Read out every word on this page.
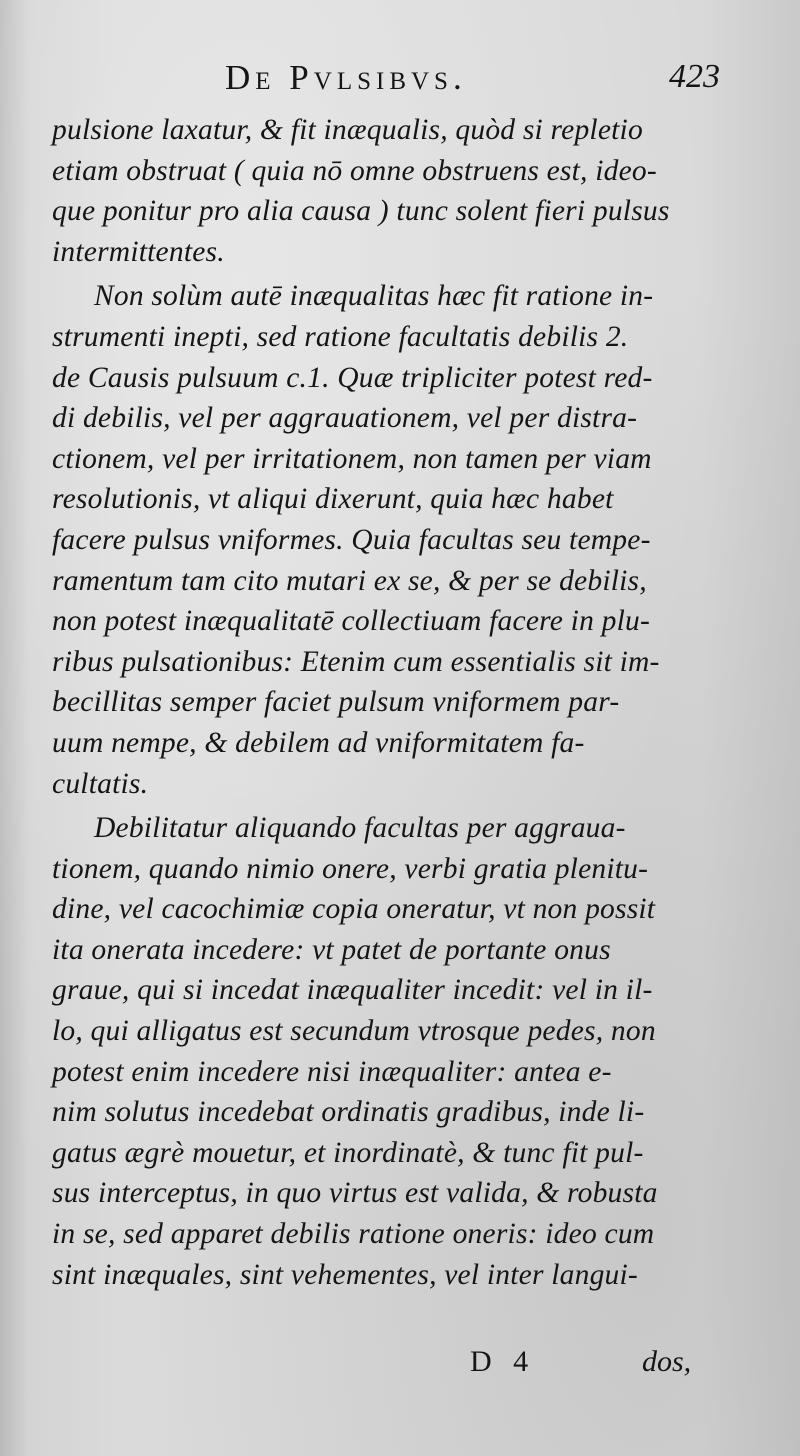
De Pvlsibvs.	423
pulsione laxatur, & fit inæqualis, quòd si repletio
etiam obstruat ( quia nō omne obstruens est, ideo-
que ponitur pro alia causa ) tunc solent fieri pulsus
intermittentes.
Non solùm autē inæqualitas hæc fit ratione in-
strumenti inepti, sed ratione facultatis debilis 2.
de Causis pulsuum c.1. Quæ tripliciter potest red-
di debilis, vel per aggrauationem, vel per distra-
ctionem, vel per irritationem, non tamen per viam
resolutionis, vt aliqui dixerunt, quia hæc habet
facere pulsus vniformes. Quia facultas seu tempe-
ramentum tam cito mutari ex se, & per se debilis,
non potest inæqualitatē collectiuam facere in plu-
ribus pulsationibus: Etenim cum essentialis sit im-
becillitas semper faciet pulsum vniformem par-
uum nempe, & debilem ad vniformitatem fa-
cultatis.
Debilitatur aliquando facultas per aggraua-
tionem, quando nimio onere, verbi gratia plenitu-
dine, vel cacochimiæ copia oneratur, vt non possit
ita onerata incedere: vt patet de portante onus
graue, qui si incedat inæqualiter incedit: vel in il-
lo, qui alligatus est secundum vtrosque pedes, non
potest enim incedere nisi inæqualiter: antea e-
nim solutus incedebat ordinatis gradibus, inde li-
gatus ægrè mouetur, et inordinatè, & tunc fit pul-
sus interceptus, in quo virtus est valida, & robusta
in se, sed apparet debilis ratione oneris: ideo cum
sint inæquales, sint vehementes, vel inter langui-
D 4	dos,
